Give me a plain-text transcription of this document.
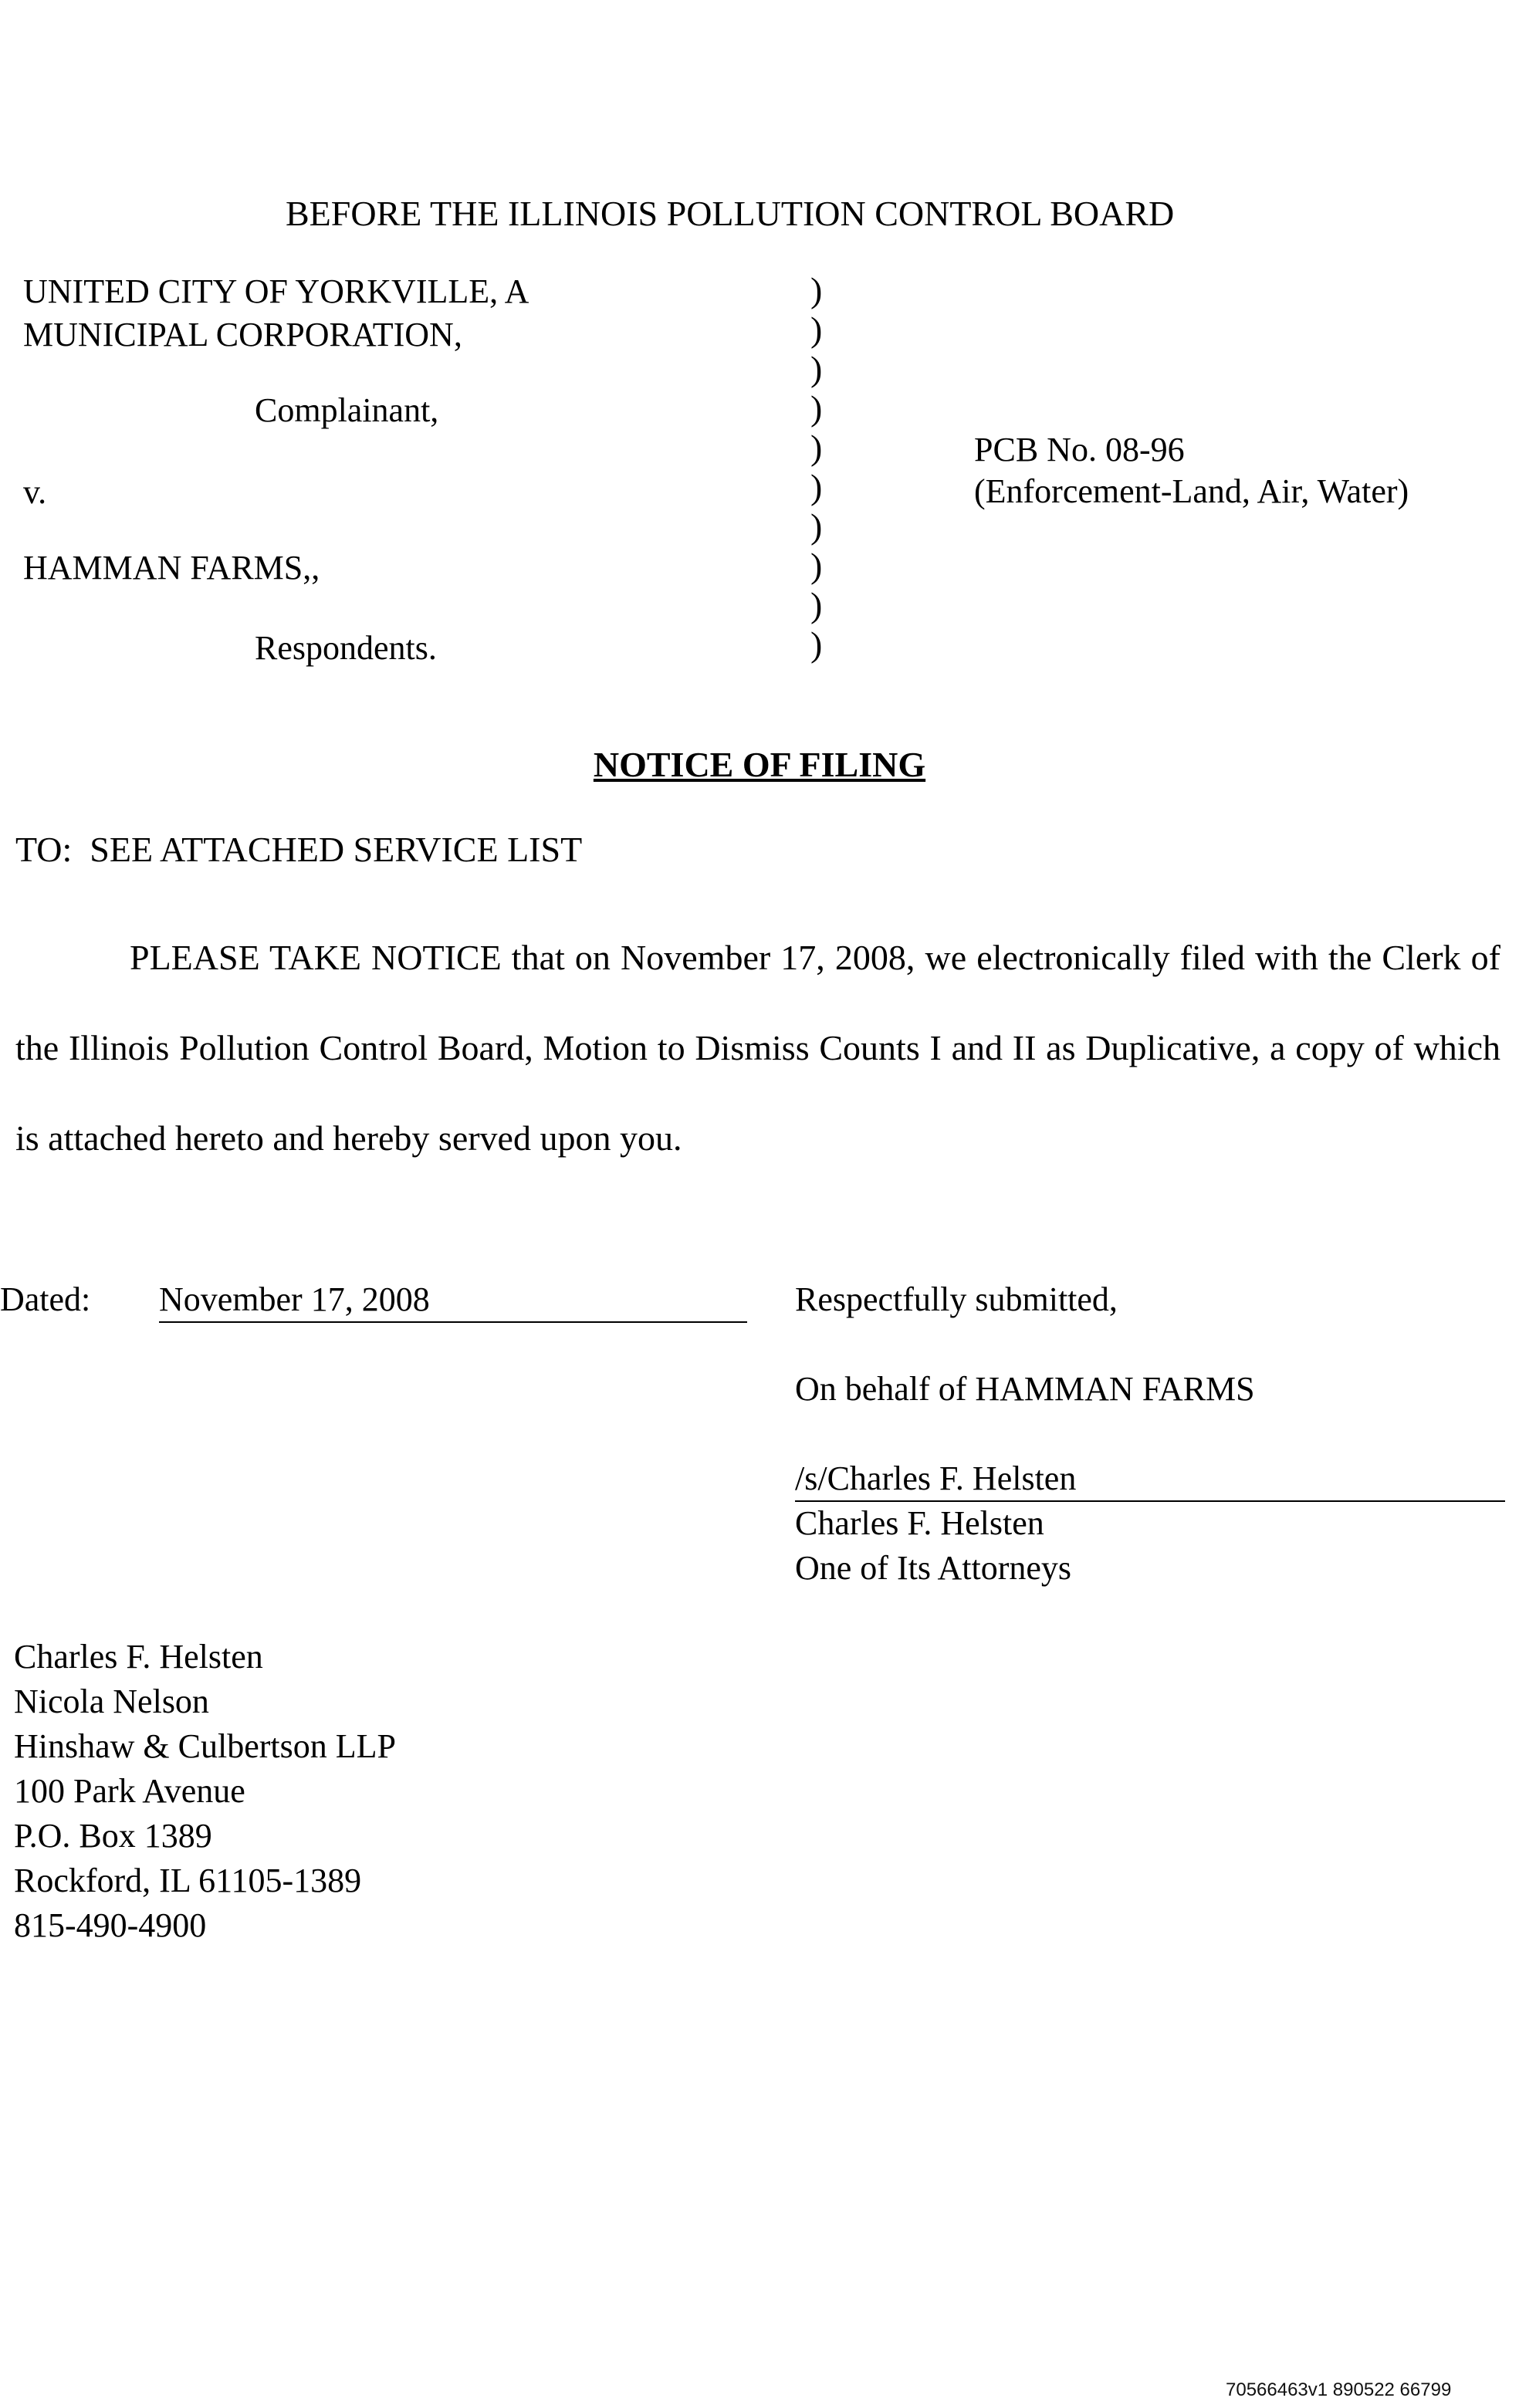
BEFORE THE ILLINOIS POLLUTION CONTROL BOARD
UNITED CITY OF YORKVILLE, A
MUNICIPAL CORPORATION,
Complainant,
v.
HAMMAN FARMS,,
Respondents.
)
)
)
)
)
)
)
)
)
)
PCB No. 08-96
(Enforcement-Land, Air, Water)
NOTICE OF FILING
TO:  SEE ATTACHED SERVICE LIST

PLEASE TAKE NOTICE that on November 17, 2008, we electronically filed with the Clerk of the Illinois Pollution Control Board, Motion to Dismiss Counts I and II as Duplicative, a copy of which is attached hereto and hereby served upon you.

Dated: November 17, 2008	Respectfully submitted,
On behalf of HAMMAN FARMS
/s/Charles F. Helsten
Charles F. Helsten
One of Its Attorneys
Charles F. Helsten
Nicola Nelson
Hinshaw & Culbertson LLP
100 Park Avenue
P.O. Box 1389
Rockford, IL 61105-1389
815-490-4900
70566463v1 890522 66799
